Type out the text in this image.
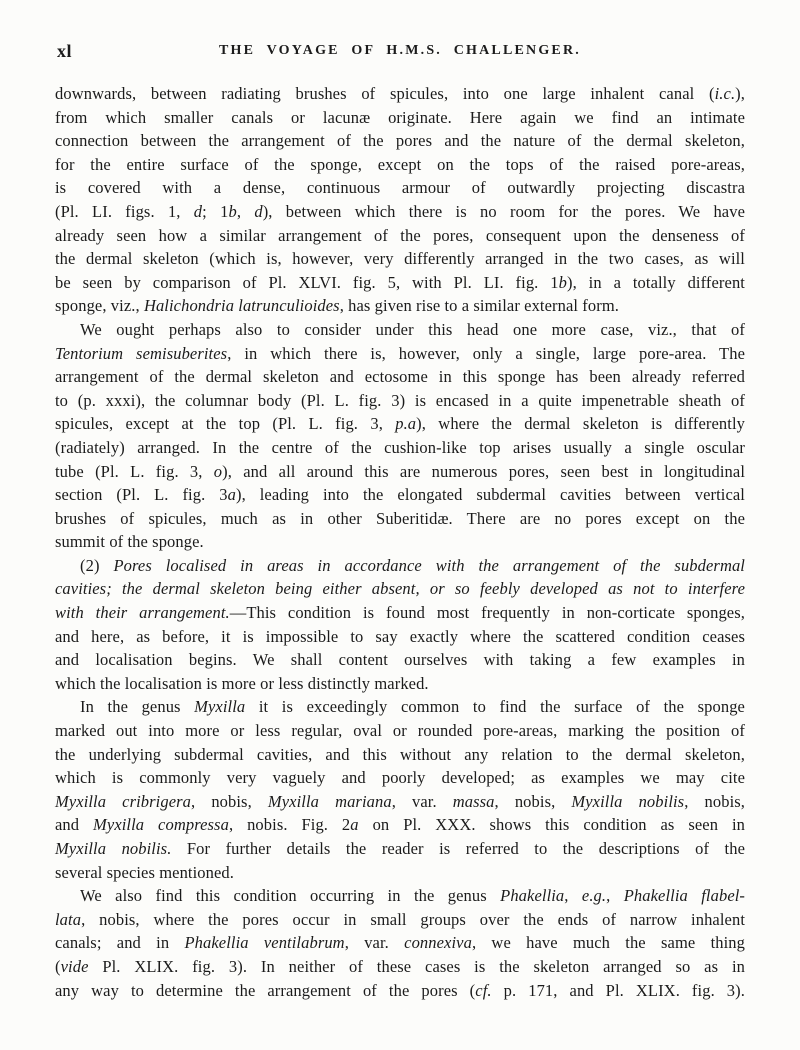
xl	THE VOYAGE OF H.M.S. CHALLENGER.
downwards, between radiating brushes of spicules, into one large inhalent canal (i.c.),
from which smaller canals or lacunæ originate. Here again we find an intimate
connection between the arrangement of the pores and the nature of the dermal skeleton,
for the entire surface of the sponge, except on the tops of the raised pore-areas,
is covered with a dense, continuous armour of outwardly projecting discastra
(Pl. LI. figs. 1, d; 1b, d), between which there is no room for the pores. We have
already seen how a similar arrangement of the pores, consequent upon the denseness of
the dermal skeleton (which is, however, very differently arranged in the two cases, as will
be seen by comparison of Pl. XLVI. fig. 5, with Pl. LI. fig. 1b), in a totally different
sponge, viz., Halichondria latrunculioides, has given rise to a similar external form.
We ought perhaps also to consider under this head one more case, viz., that of
Tentorium semisuberites, in which there is, however, only a single, large pore-area. The
arrangement of the dermal skeleton and ectosome in this sponge has been already referred
to (p. xxxi), the columnar body (Pl. L. fig. 3) is encased in a quite impenetrable sheath of
spicules, except at the top (Pl. L. fig. 3, p.a), where the dermal skeleton is differently
(radiately) arranged. In the centre of the cushion-like top arises usually a single oscular
tube (Pl. L. fig. 3, o), and all around this are numerous pores, seen best in longitudinal
section (Pl. L. fig. 3a), leading into the elongated subdermal cavities between vertical
brushes of spicules, much as in other Suberitidæ. There are no pores except on the
summit of the sponge.
(2) Pores localised in areas in accordance with the arrangement of the subdermal
cavities; the dermal skeleton being either absent, or so feebly developed as not to interfere
with their arrangement.—This condition is found most frequently in non-corticate sponges,
and here, as before, it is impossible to say exactly where the scattered condition ceases
and localisation begins. We shall content ourselves with taking a few examples in
which the localisation is more or less distinctly marked.
In the genus Myxilla it is exceedingly common to find the surface of the sponge
marked out into more or less regular, oval or rounded pore-areas, marking the position of
the underlying subdermal cavities, and this without any relation to the dermal skeleton,
which is commonly very vaguely and poorly developed; as examples we may cite
Myxilla cribrigera, nobis, Myxilla mariana, var. massa, nobis, Myxilla nobilis, nobis,
and Myxilla compressa, nobis. Fig. 2a on Pl. XXX. shows this condition as seen in
Myxilla nobilis. For further details the reader is referred to the descriptions of the
several species mentioned.
We also find this condition occurring in the genus Phakellia, e.g., Phakellia flabel-
lata, nobis, where the pores occur in small groups over the ends of narrow inhalent
canals; and in Phakellia ventilabrum, var. connexiva, we have much the same thing
(vide Pl. XLIX. fig. 3). In neither of these cases is the skeleton arranged so as in
any way to determine the arrangement of the pores (cf. p. 171, and Pl. XLIX. fig. 3).
